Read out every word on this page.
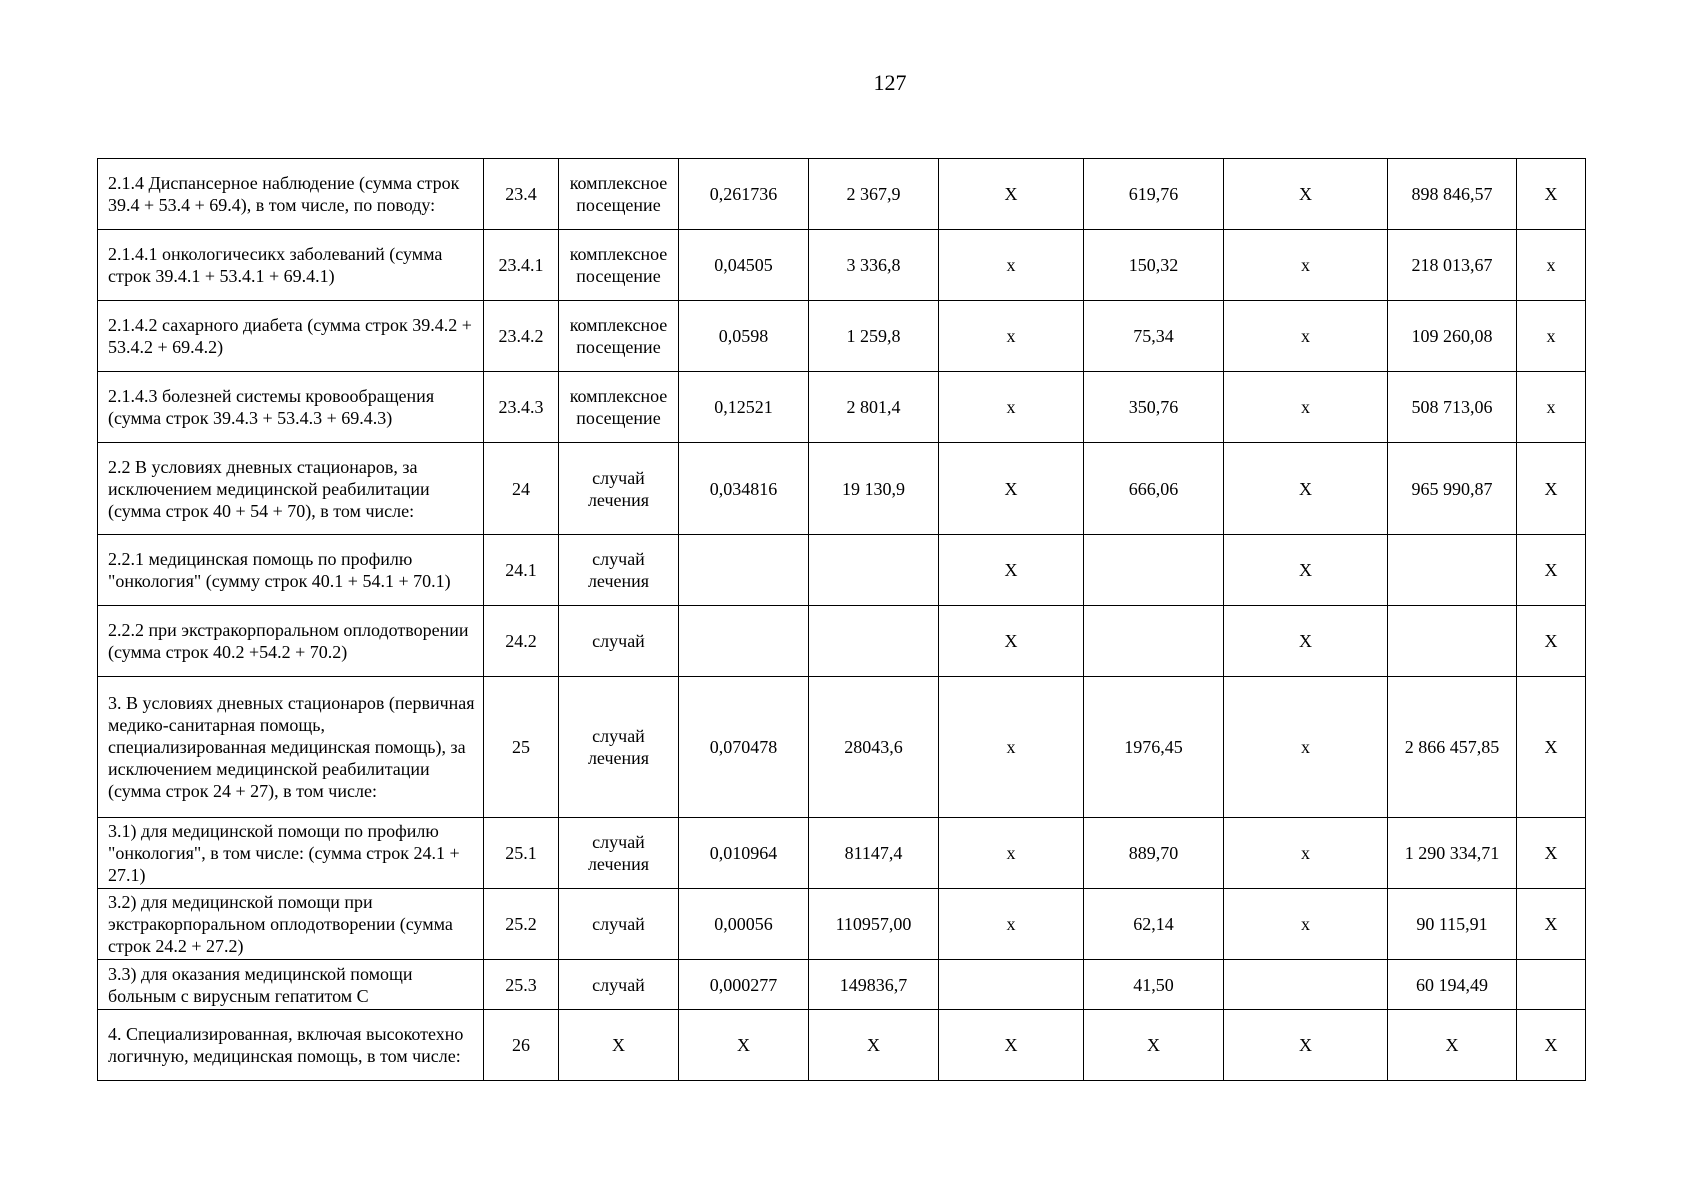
127
2.1.4 Диспансерное наблюдение (сумма строк 39.4 + 53.4 + 69.4), в том числе, по поводу:	23.4	комплексное посещение	0,261736	2 367,9	X	619,76	X	898 846,57	X
2.1.4.1 онкологичесикх заболеваний (сумма строк 39.4.1 + 53.4.1 + 69.4.1)	23.4.1	комплексное посещение	0,04505	3 336,8	х	150,32	х	218 013,67	х
2.1.4.2 сахарного диабета (сумма строк 39.4.2 + 53.4.2 + 69.4.2)	23.4.2	комплексное посещение	0,0598	1 259,8	х	75,34	х	109 260,08	х
2.1.4.3 болезней системы кровообращения (сумма строк 39.4.3 + 53.4.3 + 69.4.3)	23.4.3	комплексное посещение	0,12521	2 801,4	х	350,76	х	508 713,06	х
2.2 В условиях дневных стационаров, за исключением медицинской реабилитации (сумма строк 40 + 54 + 70), в том числе:	24	случай лечения	0,034816	19 130,9	X	666,06	X	965 990,87	X
2.2.1 медицинская помощь по профилю "онкология" (сумму строк 40.1 + 54.1 + 70.1)	24.1	случай лечения			X		X		X
2.2.2 при экстракорпоральном оплодотворении (сумма строк 40.2 +54.2 + 70.2)	24.2	случай			X		X		X
3. В условиях дневных стационаров (первичная медико-санитарная помощь, специализированная медицинская помощь), за исключением медицинской реабилитации (сумма строк 24 + 27), в том числе:	25	случай лечения	0,070478	28043,6	х	1976,45	х	2 866 457,85	X
3.1) для медицинской помощи по профилю "онкология", в том числе: (сумма строк 24.1 + 27.1)	25.1	случай лечения	0,010964	81147,4	х	889,70	х	1 290 334,71	X
3.2) для медицинской помощи при экстракорпоральном оплодотворении (сумма строк 24.2 + 27.2)	25.2	случай	0,00056	110957,00	х	62,14	х	90 115,91	X
3.3) для оказания медицинской помощи больным с вирусным гепатитом С	25.3	случай	0,000277	149836,7		41,50		60 194,49	
4. Специализированная, включая высокотехно логичную, медицинская помощь, в том числе:	26	X	X	X	X	X	X	X	X
